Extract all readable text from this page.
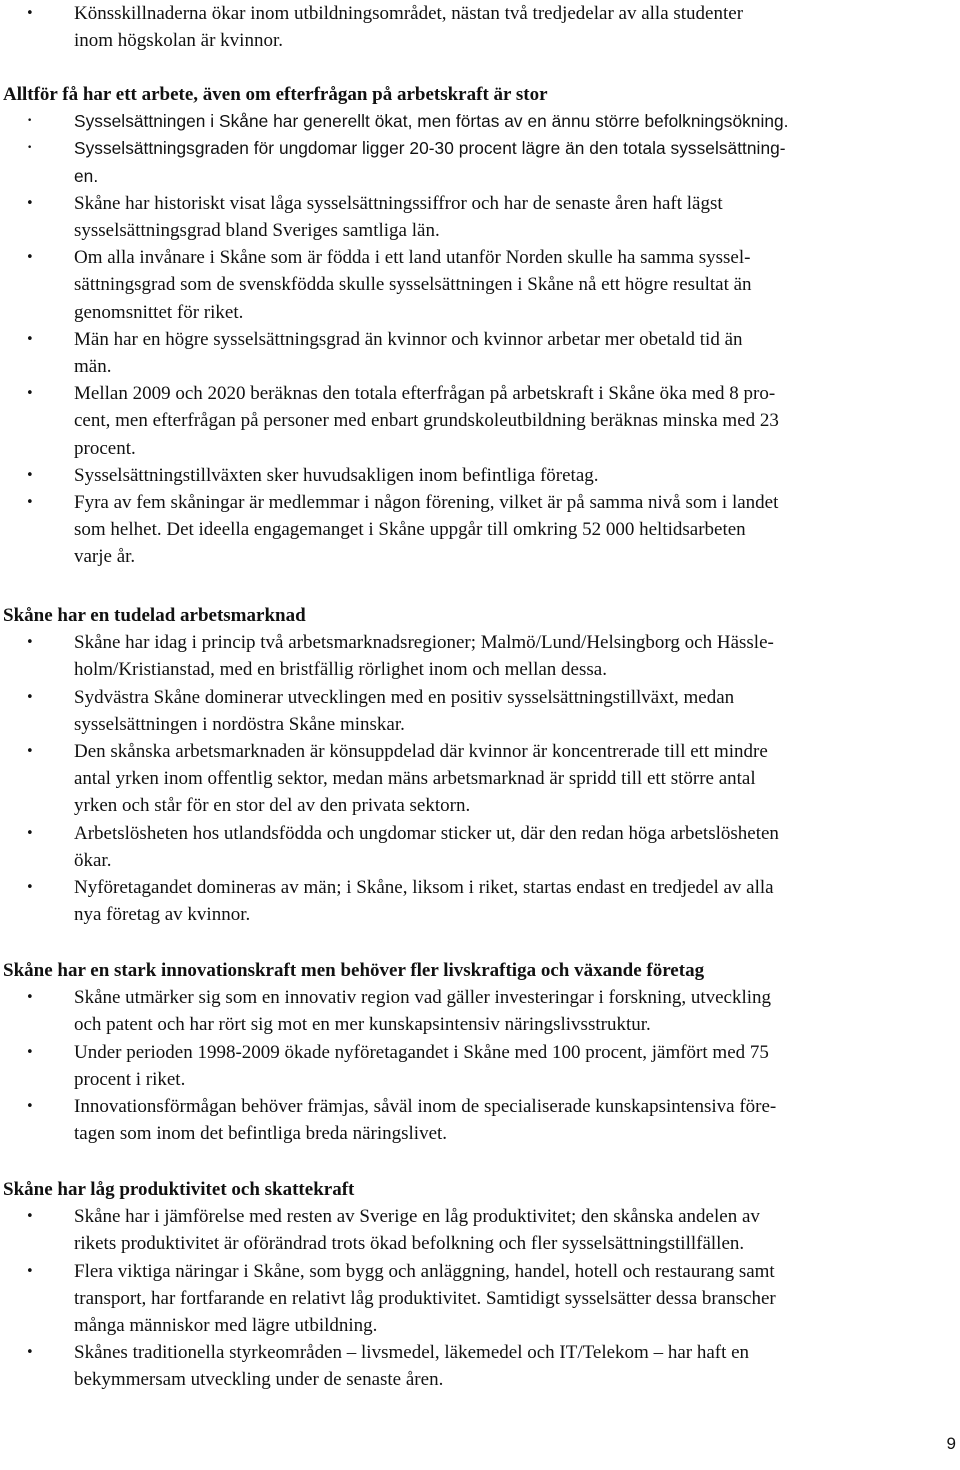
• Könsskillnaderna ökar inom utbildningsområdet, nästan två tredjedelar av alla studenter
inom högskolan är kvinnor.
Alltför få har ett arbete, även om efterfrågan på arbetskraft är stor
•	Sysselsättningen i Skåne har generellt ökat, men förtas av en ännu större befolkningsökning.
•	Sysselsättningsgraden för ungdomar ligger 20-30 procent lägre än den totala sysselsättning-
en.
• Skåne har historiskt visat låga sysselsättningssiffror och har de senaste åren haft lägst
sysselsättningsgrad bland Sveriges samtliga län.
• Om alla invånare i Skåne som är födda i ett land utanför Norden skulle ha samma syssel-
sättningsgrad som de svenskfödda skulle sysselsättningen i Skåne nå ett högre resultat än
genomsnittet för riket.
• Män har en högre sysselsättningsgrad än kvinnor och kvinnor arbetar mer obetald tid än
män.
• Mellan 2009 och 2020 beräknas den totala efterfrågan på arbetskraft i Skåne öka med 8 pro-
cent, men efterfrågan på personer med enbart grundskoleutbildning beräknas minska med 23
procent.
• Sysselsättningstillväxten sker huvudsakligen inom befintliga företag.
• Fyra av fem skåningar är medlemmar i någon förening, vilket är på samma nivå som i landet
som helhet. Det ideella engagemanget i Skåne uppgår till omkring 52 000 heltidsarbeten
varje år.
Skåne har en tudelad arbetsmarknad
• Skåne har idag i princip två arbetsmarknadsregioner; Malmö/Lund/Helsingborg och Hässle-
holm/Kristianstad, med en bristfällig rörlighet inom och mellan dessa.
• Sydvästra Skåne dominerar utvecklingen med en positiv sysselsättningstillväxt, medan
sysselsättningen i nordöstra Skåne minskar.
• Den skånska arbetsmarknaden är könsuppdelad där kvinnor är koncentrerade till ett mindre
antal yrken inom offentlig sektor, medan mäns arbetsmarknad är spridd till ett större antal
yrken och står för en stor del av den privata sektorn.
• Arbetslösheten hos utlandsfödda och ungdomar sticker ut, där den redan höga arbetslösheten
ökar.
• Nyföretagandet domineras av män; i Skåne, liksom i riket, startas endast en tredjedel av alla
nya företag av kvinnor.
Skåne har en stark innovationskraft men behöver fler livskraftiga och växande företag
• Skåne utmärker sig som en innovativ region vad gäller investeringar i forskning, utveckling
och patent och har rört sig mot en mer kunskapsintensiv näringslivsstruktur.
• Under perioden 1998-2009 ökade nyföretagandet i Skåne med 100 procent, jämfört med 75
procent i riket.
• Innovationsförmågan behöver främjas, såväl inom de specialiserade kunskapsintensiva före-
tagen som inom det befintliga breda näringslivet.
Skåne har låg produktivitet och skattekraft
• Skåne har i jämförelse med resten av Sverige en låg produktivitet; den skånska andelen av
rikets produktivitet är oförändrad trots ökad befolkning och fler sysselsättningstillfällen.
• Flera viktiga näringar i Skåne, som bygg och anläggning, handel, hotell och restaurang samt
transport, har fortfarande en relativt låg produktivitet. Samtidigt sysselsätter dessa branscher
många människor med lägre utbildning.
• Skånes traditionella styrkeområden – livsmedel, läkemedel och IT/Telekom – har haft en
bekymmersam utveckling under de senaste åren.
9
